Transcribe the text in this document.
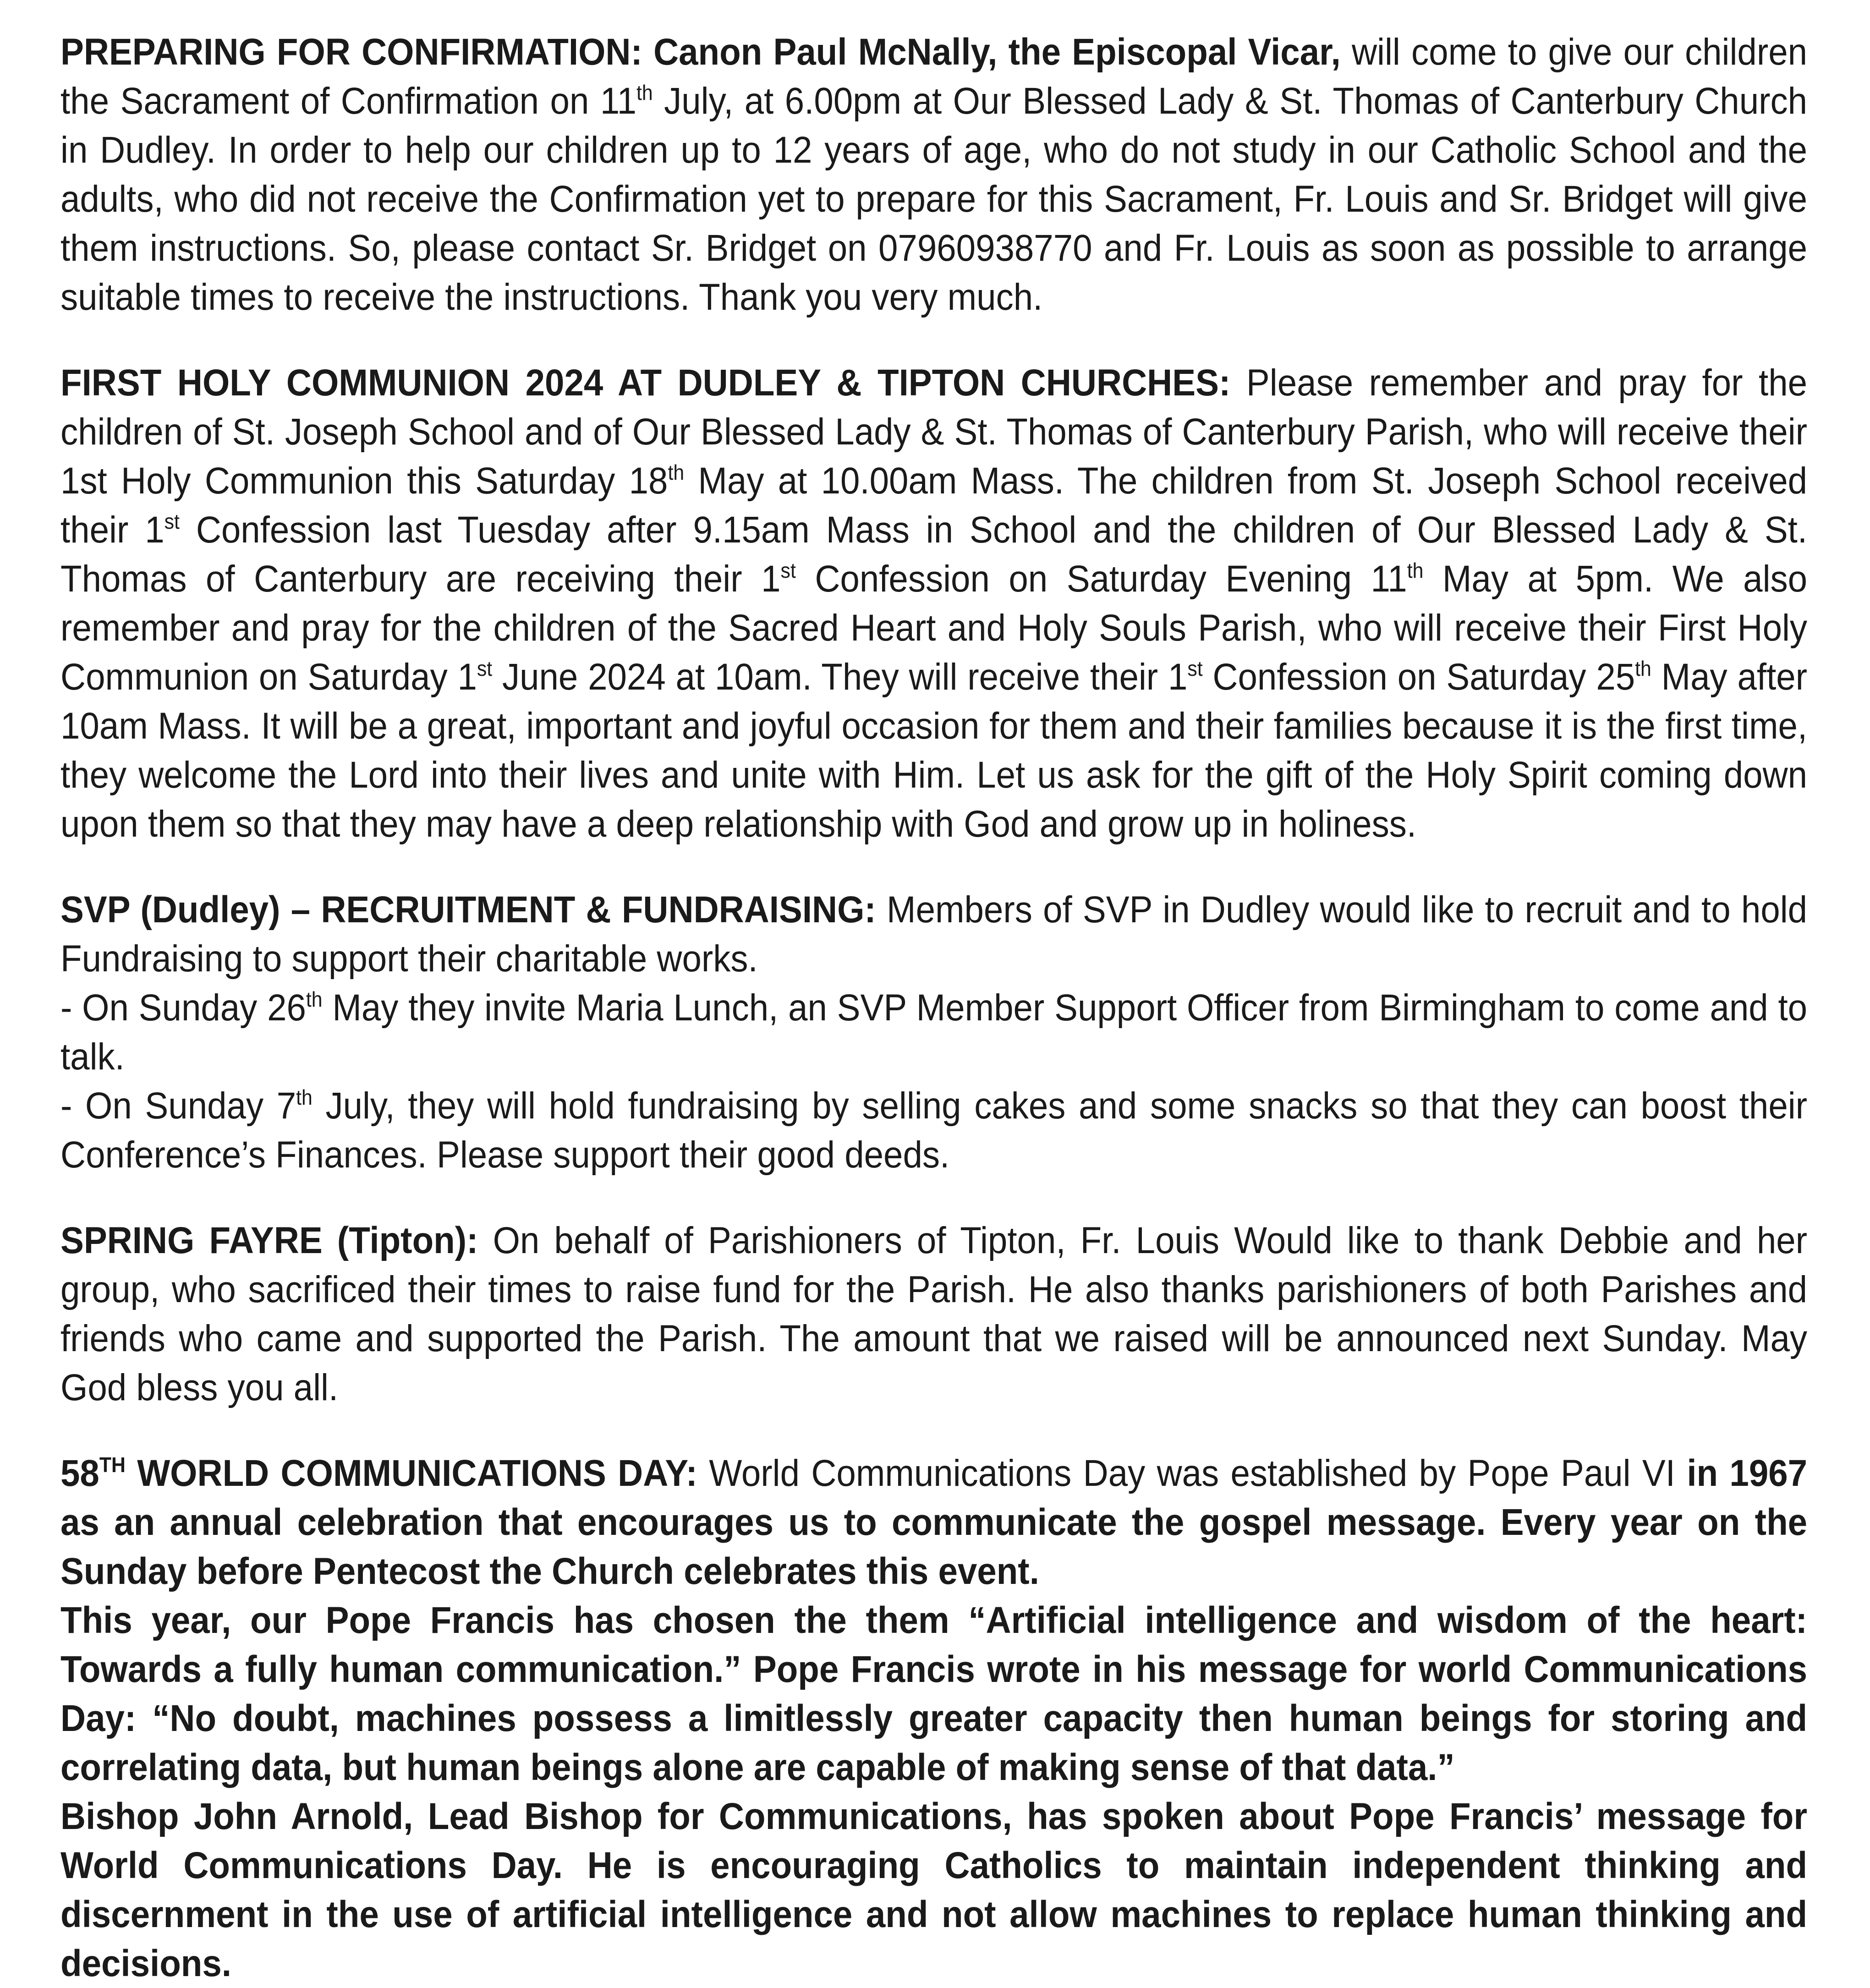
PREPARING FOR CONFIRMATION: Canon Paul McNally, the Episcopal Vicar, will come to give our children the Sacrament of Confirmation on 11th July, at 6.00pm at Our Blessed Lady & St. Thomas of Canterbury Church in Dudley. In order to help our children up to 12 years of age, who do not study in our Catholic School and the adults, who did not receive the Confirmation yet to prepare for this Sacrament, Fr. Louis and Sr. Bridget will give them instructions. So, please contact Sr. Bridget on 07960938770 and Fr. Louis as soon as possible to arrange suitable times to receive the instructions. Thank you very much.

FIRST HOLY COMMUNION 2024 AT DUDLEY & TIPTON CHURCHES: Please remember and pray for the children of St. Joseph School and of Our Blessed Lady & St. Thomas of Canterbury Parish, who will receive their 1st Holy Communion this Saturday 18th May at 10.00am Mass. The children from St. Joseph School received their 1st Confession last Tuesday after 9.15am Mass in School and the children of Our Blessed Lady & St. Thomas of Canterbury are receiving their 1st Confession on Saturday Evening 11th May at 5pm. We also remember and pray for the children of the Sacred Heart and Holy Souls Parish, who will receive their First Holy Communion on Saturday 1st June 2024 at 10am. They will receive their 1st Confession on Saturday 25th May after 10am Mass. It will be a great, important and joyful occasion for them and their families because it is the first time, they welcome the Lord into their lives and unite with Him. Let us ask for the gift of the Holy Spirit coming down upon them so that they may have a deep relationship with God and grow up in holiness.

SVP (Dudley) – RECRUITMENT & FUNDRAISING: Members of SVP in Dudley would like to recruit and to hold Fundraising to support their charitable works.

- On Sunday 26th May they invite Maria Lunch, an SVP Member Support Officer from Birmingham to come and to talk.

- On Sunday 7th July, they will hold fundraising by selling cakes and some snacks so that they can boost their Conference’s Finances. Please support their good deeds.

SPRING FAYRE (Tipton): On behalf of Parishioners of Tipton, Fr. Louis Would like to thank Debbie and her group, who sacrificed their times to raise fund for the Parish. He also thanks parishioners of both Parishes and friends who came and supported the Parish. The amount that we raised will be announced next Sunday. May God bless you all.

58TH WORLD COMMUNICATIONS DAY: World Communications Day was established by Pope Paul VI in 1967 as an annual celebration that encourages us to communicate the gospel message. Every year on the Sunday before Pentecost the Church celebrates this event.

This year, our Pope Francis has chosen the them “Artificial intelligence and wisdom of the heart: Towards a fully human communication.” Pope Francis wrote in his message for world Communications Day: “No doubt, machines possess a limitlessly greater capacity then human beings for storing and correlating data, but human beings alone are capable of making sense of that data.”

Bishop John Arnold, Lead Bishop for Communications, has spoken about Pope Francis’ message for World Communications Day. He is encouraging Catholics to maintain independent thinking and discernment in the use of artificial intelligence and not allow machines to replace human thinking and decisions.
